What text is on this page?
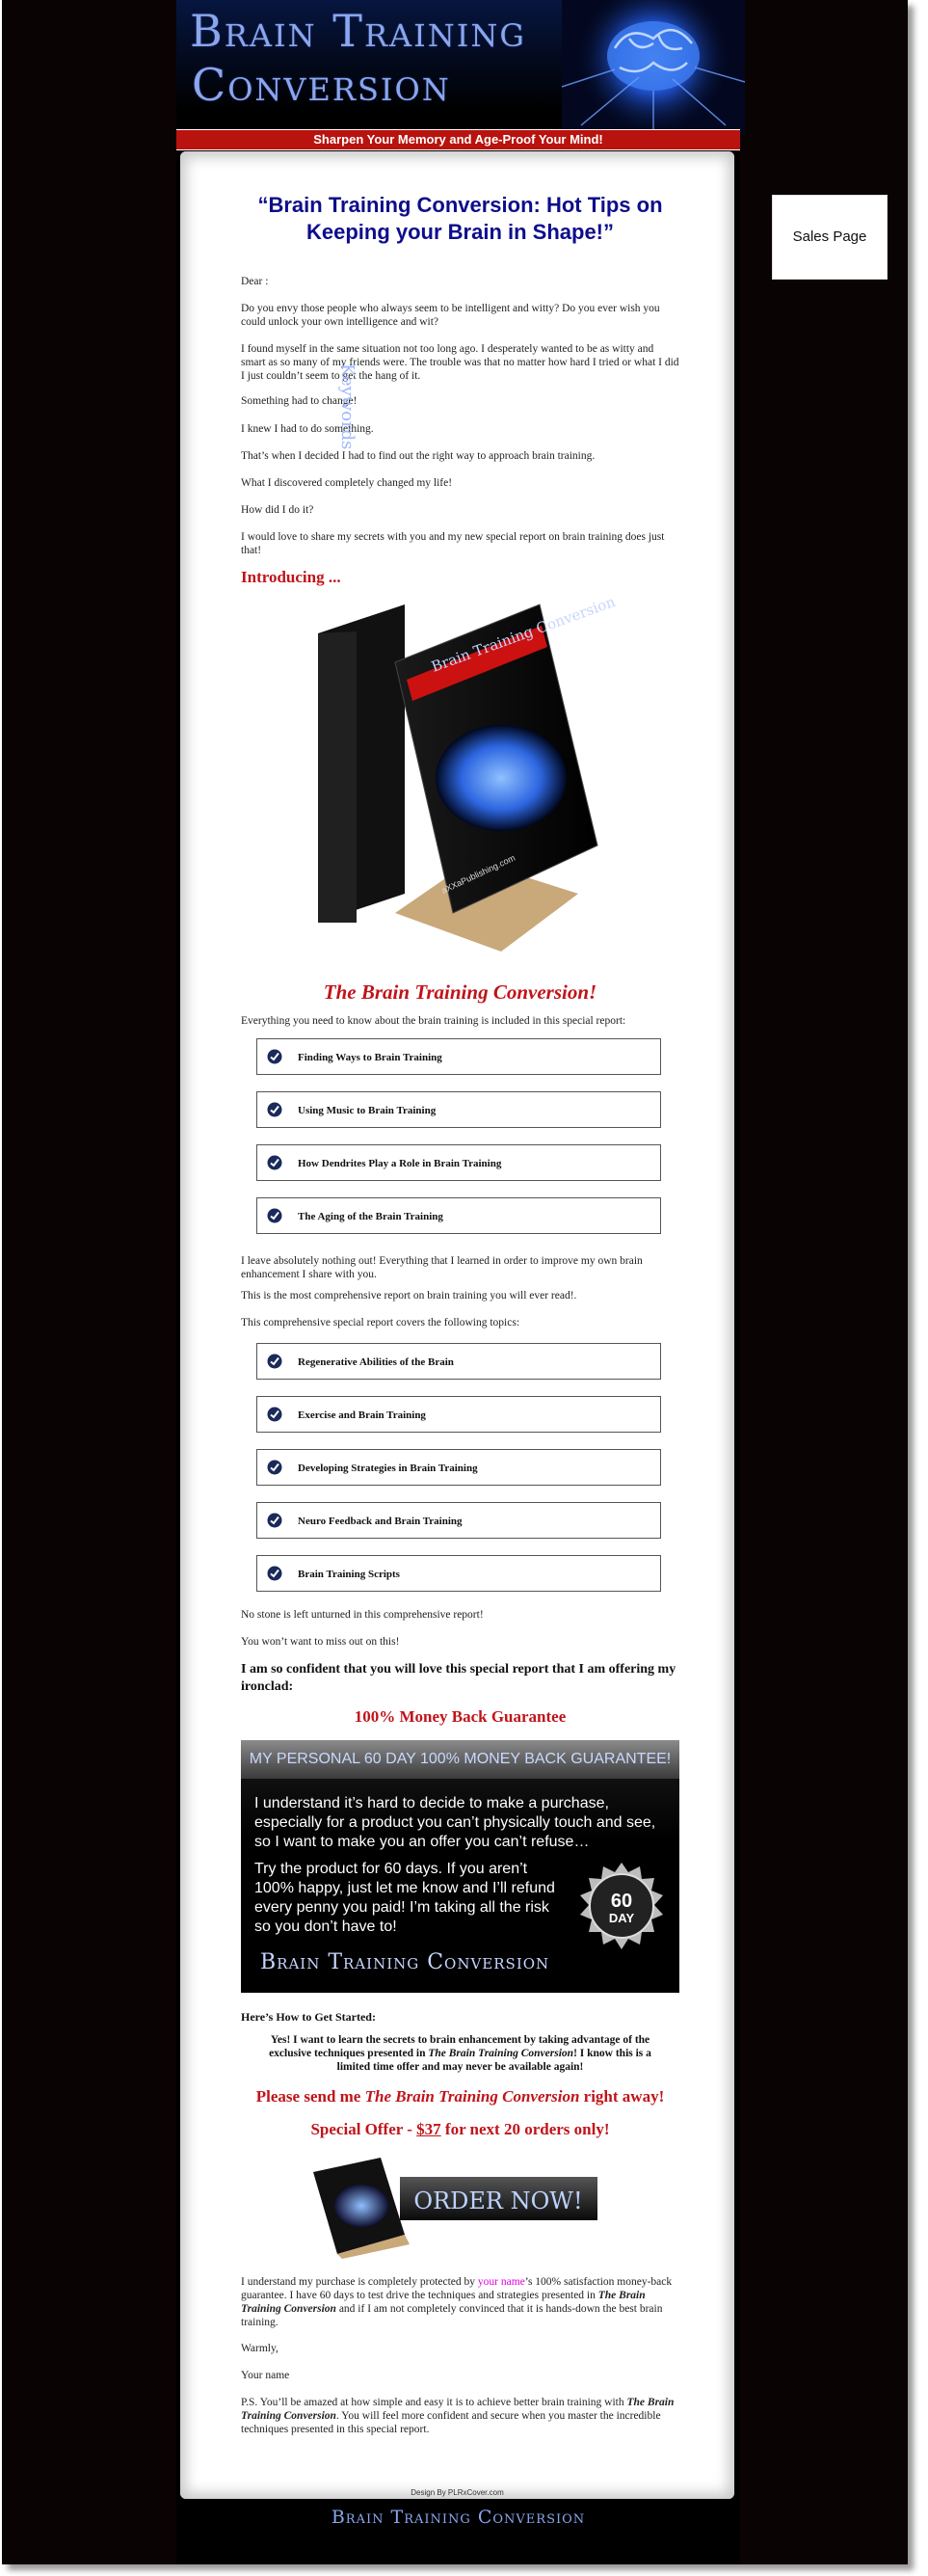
Brain Training
Conversion
Sharpen Your Memory and Age-Proof Your Mind!
“Brain Training Conversion: Hot Tips on Keeping your Brain in Shape!”

Dear :

Do you envy those people who always seem to be intelligent and witty? Do you ever wish you could unlock your own intelligence and wit?

I found myself in the same situation not too long ago. I desperately wanted to be as witty and smart as so many of my friends were. The trouble was that no matter how hard I tried or what I did I just couldn’t seem to get the hang of it.

Something had to change!

I knew I had to do something.

That’s when I decided I had to find out the right way to approach brain training.

What I discovered completely changed my life!

How did I do it?

I would love to share my secrets with you and my new special report on brain training does just that!

Introducing ...
Keywords
Brain Training Conversion
aXXaPublishing.com
The Brain Training Conversion!

Everything you need to know about the brain training is included in this special report:

Finding Ways to Brain Training
Using Music to Brain Training
How Dendrites Play a Role in Brain Training
The Aging of the Brain Training

I leave absolutely nothing out! Everything that I learned in order to improve my own brain enhancement I share with you.

This is the most comprehensive report on brain training you will ever read!.

This comprehensive special report covers the following topics:

Regenerative Abilities of the Brain
Exercise and Brain Training
Developing Strategies in Brain Training
Neuro Feedback and Brain Training
Brain Training Scripts

No stone is left unturned in this comprehensive report!

You won’t want to miss out on this!

I am so confident that you will love this special report that I am offering my ironclad:
100% Money Back Guarantee
MY PERSONAL 60 DAY 100% MONEY BACK GUARANTEE!
I understand it’s hard to decide to make a purchase, especially for a product you can’t physically touch and see, so I want to make you an offer you can’t refuse…
Try the product for 60 days. If you aren’t 100% happy, just let me know and I’ll refund every penny you paid! I’m taking all the risk so you don’t have to!
Brain Training Conversion
60
DAY
Here’s How to Get Started:
Yes! I want to learn the secrets to brain enhancement by taking advantage of the exclusive techniques presented in The Brain Training Conversion! I know this is a limited time offer and may never be available again!
Please send me The Brain Training Conversion right away!
Special Offer - $37 for next 20 orders only!
ORDER NOW!

I understand my purchase is completely protected by your name’s 100% satisfaction money-back guarantee. I have 60 days to test drive the techniques and strategies presented in The Brain Training Conversion and if I am not completely convinced that it is hands-down the best brain training.

Warmly,

Your name

P.S. You’ll be amazed at how simple and easy it is to achieve better brain training with The Brain Training Conversion. You will feel more confident and secure when you master the incredible techniques presented in this special report.

Design By PLRxCover.com
Brain Training Conversion
Sales Page
